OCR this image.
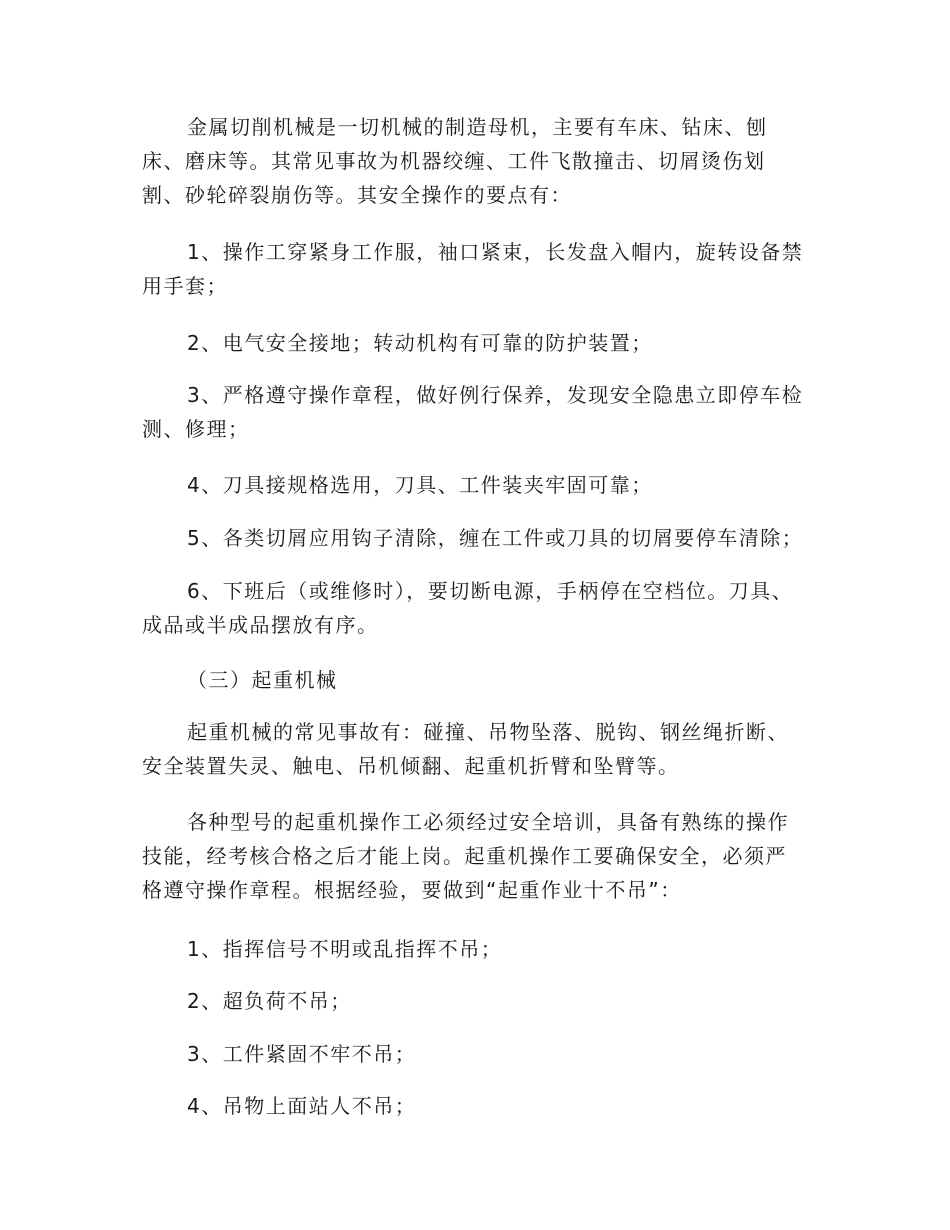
金属切削机械是一切机械的制造母机，主要有车床、钻床、刨
床、磨床等。其常见事故为机器绞缠、工件飞散撞击、切屑烫伤划
割、砂轮碎裂崩伤等。其安全操作的要点有：
1、操作工穿紧身工作服，袖口紧束，长发盘入帽内，旋转设备禁
用手套；
2、电气安全接地；转动机构有可靠的防护装置；
3、严格遵守操作章程，做好例行保养，发现安全隐患立即停车检
测、修理；
4、刀具接规格选用，刀具、工件装夹牢固可靠；
5、各类切屑应用钩子清除，缠在工件或刀具的切屑要停车清除；
6、下班后（或维修时），要切断电源，手柄停在空档位。刀具、
成品或半成品摆放有序。
（三）起重机械
起重机械的常见事故有：碰撞、吊物坠落、脱钩、钢丝绳折断、
安全装置失灵、触电、吊机倾翻、起重机折臂和坠臂等。
各种型号的起重机操作工必须经过安全培训，具备有熟练的操作
技能，经考核合格之后才能上岗。起重机操作工要确保安全，必须严
格遵守操作章程。根据经验，要做到“起重作业十不吊”：
1、指挥信号不明或乱指挥不吊；
2、超负荷不吊；
3、工件紧固不牢不吊；
4、吊物上面站人不吊；
